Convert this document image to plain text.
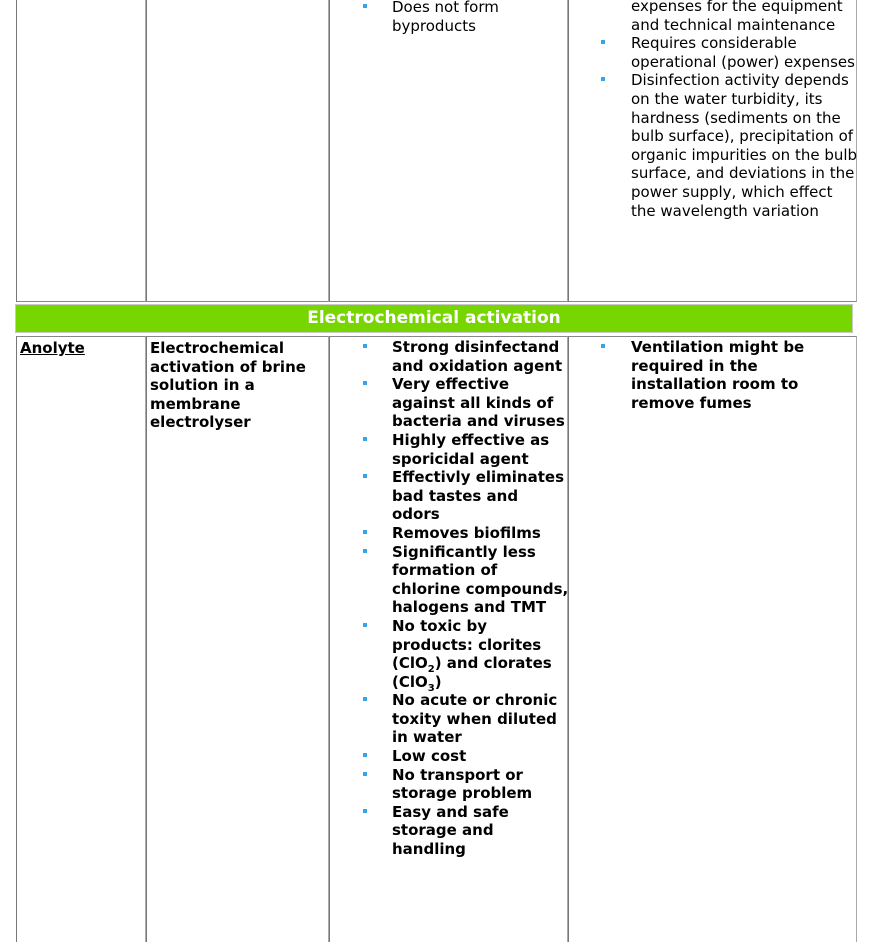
Does not form byproducts
expenses for the equipment and technical maintenance
Requires considerable operational (power) expenses
Disinfection activity depends on the water turbidity, its hardness (sediments on the bulb surface), precipitation of organic impurities on the bulb surface, and deviations in the power supply, which effect the wavelength variation
Electrochemical activation
Anolyte	Electrochemical activation of brine solution in a membrane electrolyser
Strong disinfectand and oxidation agent
Very effective against all kinds of bacteria and viruses
Highly effective as sporicidal agent
Effectivly eliminates bad tastes and odors
Removes biofilms
Significantly less formation of chlorine compounds, halogens and TMT
No toxic by products: clorites (ClO$_2$) and clorates (ClO$_3$)
No acute or chronic toxity when diluted in water
Low cost
No transport or storage problem
Easy and safe storage and handling
Ventilation might be required in the installation room to remove fumes
